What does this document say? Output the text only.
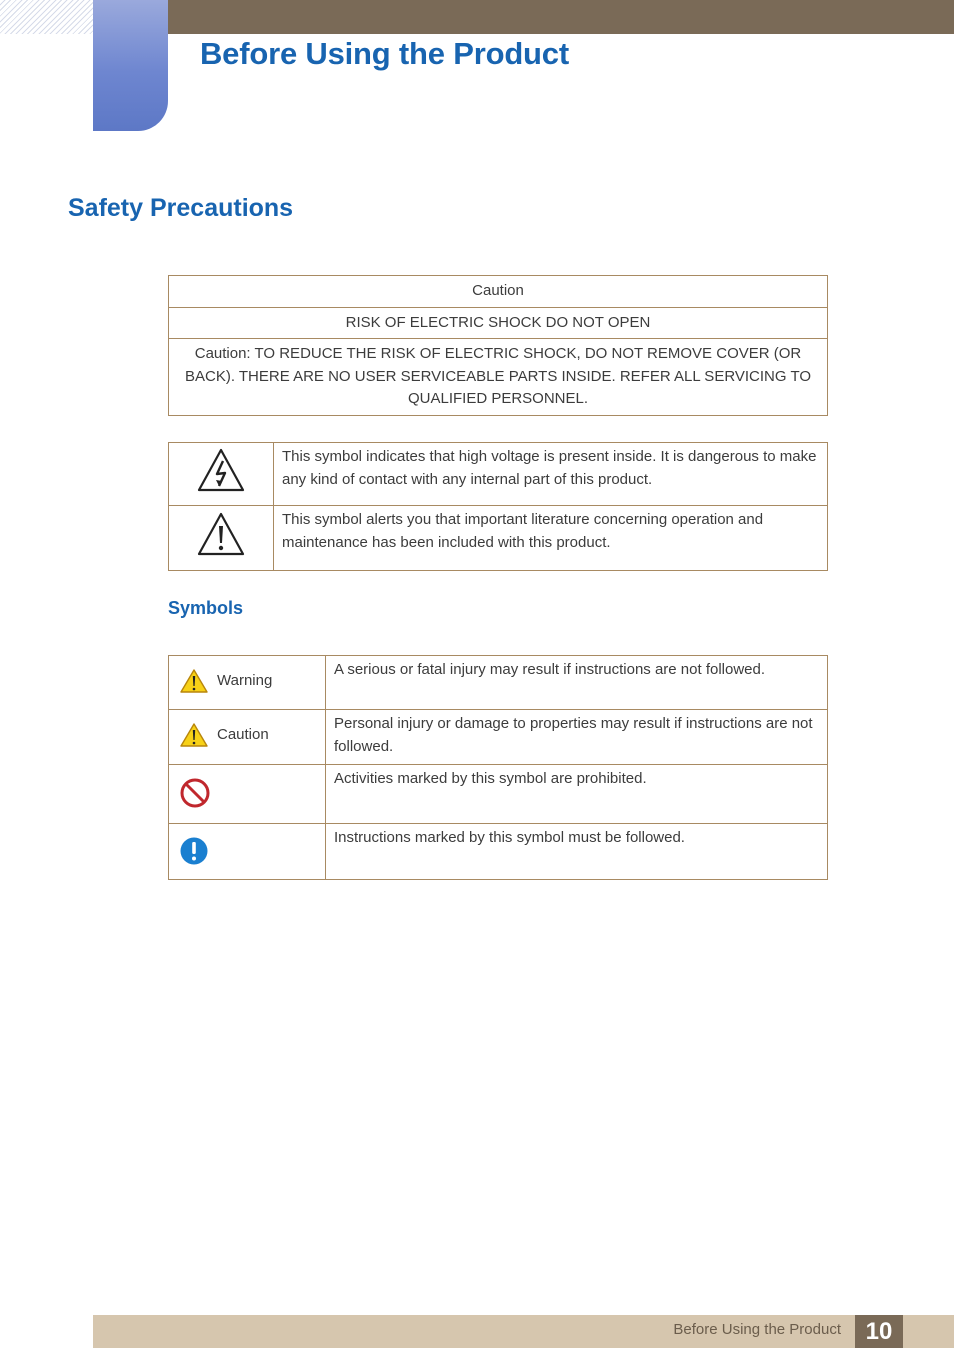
Before Using the Product
Safety Precautions
Caution
RISK OF ELECTRIC SHOCK DO NOT OPEN
Caution: TO REDUCE THE RISK OF ELECTRIC SHOCK, DO NOT REMOVE COVER (OR BACK). THERE ARE NO USER SERVICEABLE PARTS INSIDE. REFER ALL SERVICING TO QUALIFIED PERSONNEL.
	This symbol indicates that high voltage is present inside. It is dangerous to make any kind of contact with any internal part of this product.
	This symbol alerts you that important literature concerning operation and maintenance has been included with this product.
Symbols
Warning	A serious or fatal injury may result if instructions are not followed.

Caution	Personal injury or damage to properties may result if instructions are not followed.
	Activities marked by this symbol are prohibited.
	Instructions marked by this symbol must be followed.
Before Using the Product	10
